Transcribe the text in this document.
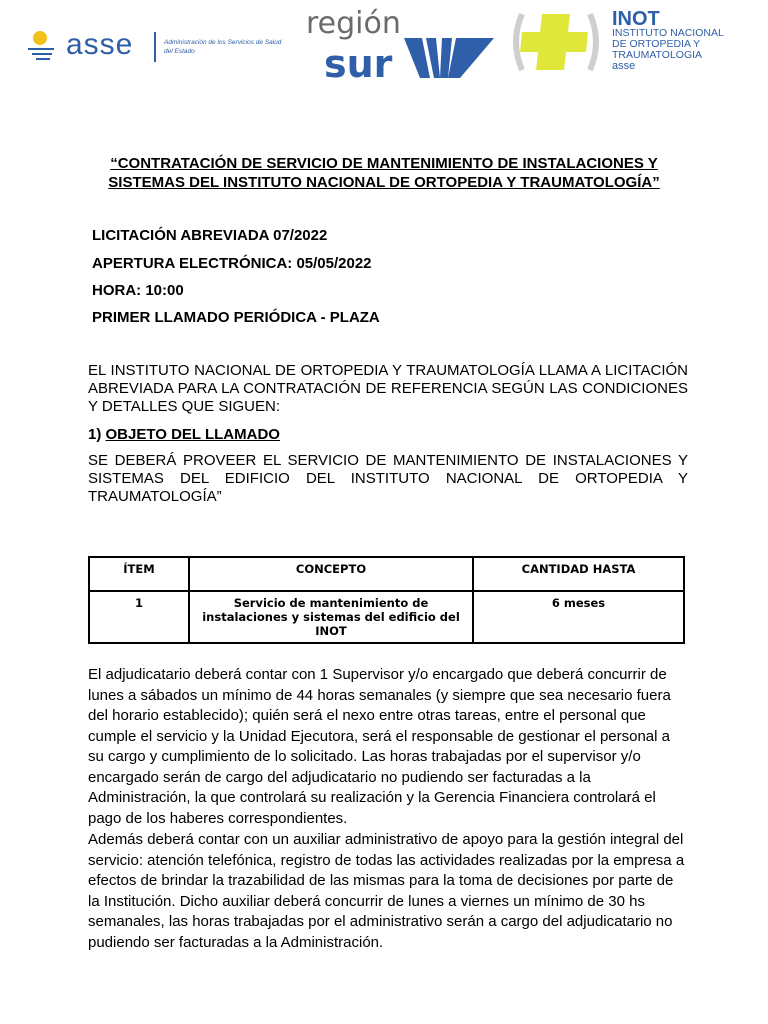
asse	Administración de los Servicios de Salud del Estado
región
sur
INOT
INSTITUTO NACIONAL DE ORTOPEDIA Y TRAUMATOLOGIA
asse
“CONTRATACIÓN DE SERVICIO DE MANTENIMIENTO DE INSTALACIONES Y
SISTEMAS DEL INSTITUTO NACIONAL DE ORTOPEDIA Y TRAUMATOLOGÍA”
LICITACIÓN ABREVIADA 07/2022
APERTURA ELECTRÓNICA: 05/05/2022
HORA: 10:00
PRIMER LLAMADO PERIÓDICA - PLAZA
EL INSTITUTO NACIONAL DE ORTOPEDIA Y TRAUMATOLOGÍA LLAMA A LICITACIÓN ABREVIADA PARA LA CONTRATACIÓN DE REFERENCIA SEGÚN LAS CONDICIONES Y DETALLES QUE SIGUEN:
1) OBJETO DEL LLAMADO
SE DEBERÁ PROVEER EL SERVICIO DE MANTENIMIENTO DE INSTALACIONES Y SISTEMAS DEL EDIFICIO DEL INSTITUTO NACIONAL DE ORTOPEDIA Y TRAUMATOLOGÍA”
ÍTEM	CONCEPTO	CANTIDAD HASTA
1	Servicio de mantenimiento de instalaciones y sistemas del edificio del INOT	6 meses
El adjudicatario deberá contar con 1 Supervisor y/o encargado que deberá concurrir de lunes a sábados un mínimo de 44 horas semanales (y siempre que sea necesario fuera del horario establecido); quién será el nexo entre otras tareas, entre el personal que cumple el servicio y la Unidad Ejecutora, será el responsable de gestionar el personal a su cargo y cumplimiento de lo solicitado. Las horas trabajadas por el supervisor y/o encargado serán de cargo del adjudicatario no pudiendo ser facturadas a la Administración, la que controlará su realización y la Gerencia Financiera controlará el pago de los haberes correspondientes.
Además deberá contar con un auxiliar administrativo de apoyo para la gestión integral del servicio: atención telefónica, registro de todas las actividades realizadas por la empresa a efectos de brindar la trazabilidad de las mismas para la toma de decisiones por parte de la Institución. Dicho auxiliar deberá concurrir de lunes a viernes un mínimo de 30 hs semanales, las horas trabajadas por el administrativo serán a cargo del adjudicatario no pudiendo ser facturadas a la Administración.
